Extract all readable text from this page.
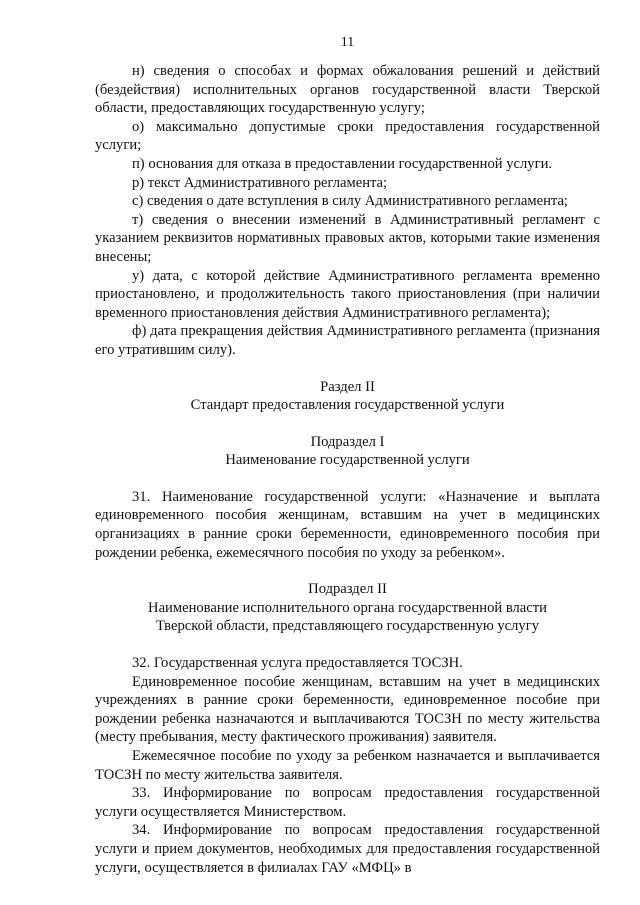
11

н) сведения о способах и формах обжалования решений и действий (бездействия) исполнительных органов государственной власти Тверской области, предоставляющих государственную услугу;

о) максимально допустимые сроки предоставления государственной услуги;

п) основания для отказа в предоставлении государственной услуги.

р) текст Административного регламента;

с) сведения о дате вступления в силу Административного регламента;

т) сведения о внесении изменений в Административный регламент с указанием реквизитов нормативных правовых актов, которыми такие изменения внесены;

у) дата, с которой действие Административного регламента временно приостановлено, и продолжительность такого приостановления (при наличии временного приостановления действия Административного регламента);

ф) дата прекращения действия Административного регламента (признания его утратившим силу).

Раздел II

Стандарт предоставления государственной услуги

Подраздел I

Наименование государственной услуги

31. Наименование государственной услуги: «Назначение и выплата единовременного пособия женщинам, вставшим на учет в медицинских организациях в ранние сроки беременности, единовременного пособия при рождении ребенка, ежемесячного пособия по уходу за ребенком».

Подраздел II

Наименование исполнительного органа государственной власти

Тверской области, представляющего государственную услугу

32. Государственная услуга предоставляется ТОСЗН.

Единовременное пособие женщинам, вставшим на учет в медицинских учреждениях в ранние сроки беременности, единовременное пособие при рождении ребенка назначаются и выплачиваются ТОСЗН по месту жительства (месту пребывания, месту фактического проживания) заявителя.

Ежемесячное пособие по уходу за ребенком назначается и выплачивается ТОСЗН по месту жительства заявителя.

33. Информирование по вопросам предоставления государственной услуги осуществляется Министерством.

34. Информирование по вопросам предоставления государственной услуги и прием документов, необходимых для предоставления государственной услуги, осуществляется в филиалах ГАУ «МФЦ» в
